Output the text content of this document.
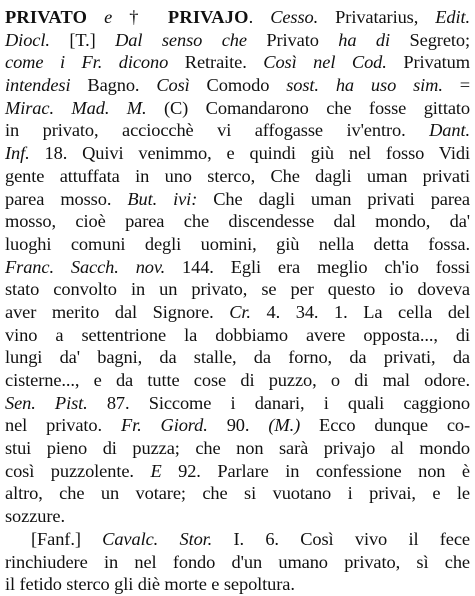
PRIVATO e † PRIVAJO. Cesso. Privatarius, Edit.
Diocl. [T.] Dal senso che Privato ha di Segreto;
come i Fr. dicono Retraite. Così nel Cod. Privatum
intendesi Bagno. Così Comodo sost. ha uso sim. =
Mirac. Mad. M. (C) Comandarono che fosse gittato
in privato, acciocchè vi affogasse iv'entro. Dant.
Inf. 18. Quivi venimmo, e quindi giù nel fosso Vidi
gente attuffata in uno sterco, Che dagli uman privati
parea mosso. But. ivi: Che dagli uman privati parea
mosso, cioè parea che discendesse dal mondo, da'
luoghi comuni degli uomini, giù nella detta fossa.
Franc. Sacch. nov. 144. Egli era meglio ch'io fossi
stato convolto in un privato, se per questo io doveva
aver merito dal Signore. Cr. 4. 34. 1. La cella del
vino a settentrione la dobbiamo avere opposta..., di
lungi da' bagni, da stalle, da forno, da privati, da
cisterne..., e da tutte cose di puzzo, o di mal odore.
Sen. Pist. 87. Siccome i danari, i quali caggiono
nel privato. Fr. Giord. 90. (M.) Ecco dunque co-
stui pieno di puzza; che non sarà privajo al mondo
così puzzolente. E 92. Parlare in confessione non è
altro, che un votare; che si vuotano i privai, e le
sozzure.
[Fanf.] Cavalc. Stor. I. 6. Così vivo il fece
rinchiudere in nel fondo d'un umano privato, sì che
il fetido sterco gli diè morte e sepoltura.
